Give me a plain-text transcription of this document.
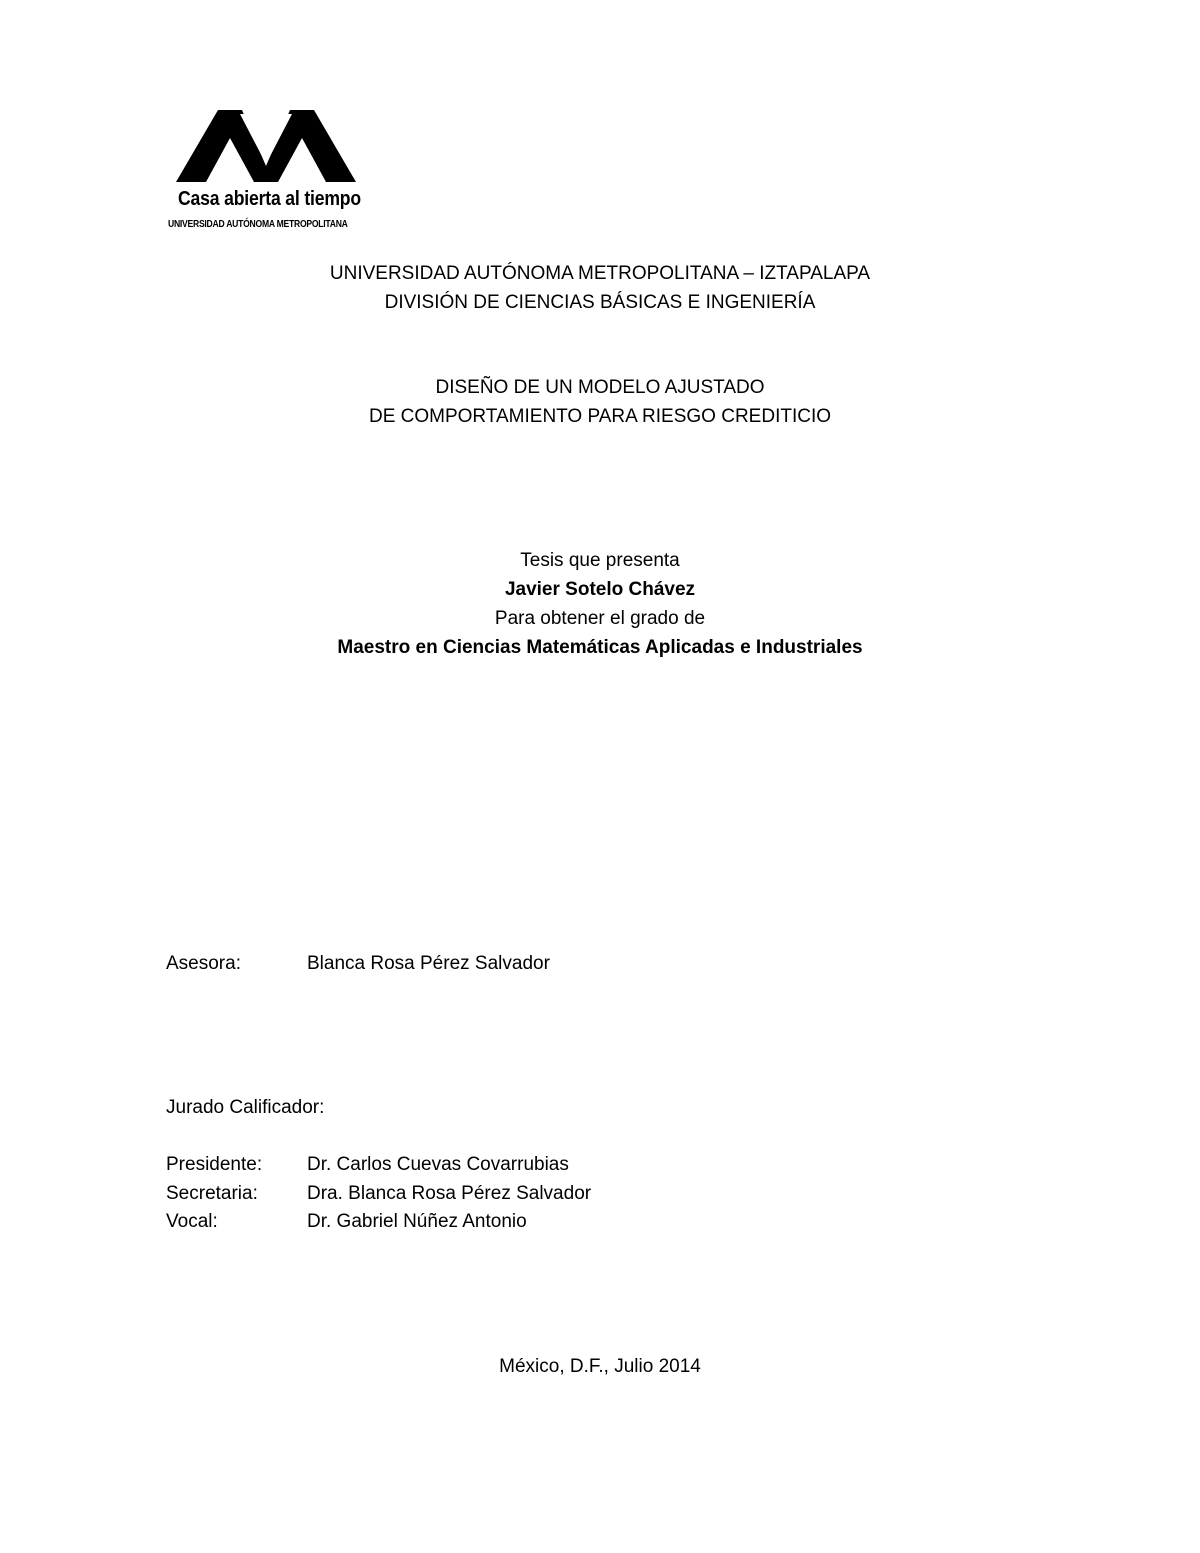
Casa abierta al tiempo
UNIVERSIDAD AUTÓNOMA METROPOLITANA
UNIVERSIDAD AUTÓNOMA METROPOLITANA – IZTAPALAPA
DIVISIÓN DE CIENCIAS BÁSICAS E INGENIERÍA
DISEÑO DE UN MODELO AJUSTADO
DE COMPORTAMIENTO PARA RIESGO CREDITICIO
Tesis que presenta
Javier Sotelo Chávez
Para obtener el grado de
Maestro en Ciencias Matemáticas Aplicadas e Industriales
Asesora:	Blanca Rosa Pérez Salvador
Jurado Calificador:
Presidente: Dr. Carlos Cuevas Covarrubias
Secretaria:	Dra. Blanca Rosa Pérez Salvador
Vocal:	Dr. Gabriel Núñez Antonio
México, D.F., Julio 2014
